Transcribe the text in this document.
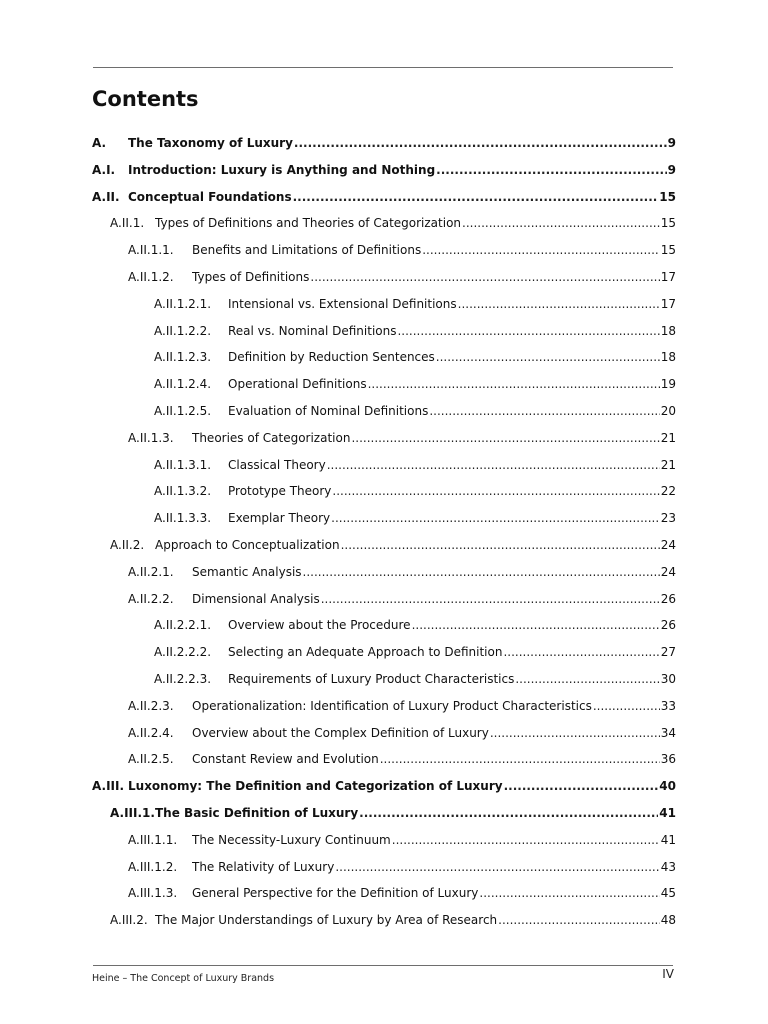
Contents
A. The Taxonomy of Luxury .....	9
A.I. Introduction: Luxury is Anything and Nothing .....	9
A.II. Conceptual Foundations .....	15
A.II.1. Types of Definitions and Theories of Categorization .....	15
A.II.1.1. Benefits and Limitations of Definitions .....	15
A.II.1.2. Types of Definitions .....	17
A.II.1.2.1. Intensional vs. Extensional Definitions .....	17
A.II.1.2.2. Real vs. Nominal Definitions .....	18
A.II.1.2.3. Definition by Reduction Sentences .....	18
A.II.1.2.4. Operational Definitions .....	19
A.II.1.2.5. Evaluation of Nominal Definitions .....	20
A.II.1.3. Theories of Categorization .....	21
A.II.1.3.1. Classical Theory .....	21
A.II.1.3.2. Prototype Theory .....	22
A.II.1.3.3. Exemplar Theory .....	23
A.II.2. Approach to Conceptualization .....	24
A.II.2.1. Semantic Analysis .....	24
A.II.2.2. Dimensional Analysis .....	26
A.II.2.2.1. Overview about the Procedure .....	26
A.II.2.2.2. Selecting an Adequate Approach to Definition .....	27
A.II.2.2.3. Requirements of Luxury Product Characteristics .....	30
A.II.2.3. Operationalization: Identification of Luxury Product Characteristics .....	33
A.II.2.4. Overview about the Complex Definition of Luxury .....	34
A.II.2.5. Constant Review and Evolution .....	36
A.III. Luxonomy: The Definition and Categorization of Luxury .....	40
A.III.1. The Basic Definition of Luxury .....	41
A.III.1.1. The Necessity-Luxury Continuum .....	41
A.III.1.2. The Relativity of Luxury .....	43
A.III.1.3. General Perspective for the Definition of Luxury .....	45
A.III.2. The Major Understandings of Luxury by Area of Research .....	48
Heine – The Concept of Luxury Brands	IV
